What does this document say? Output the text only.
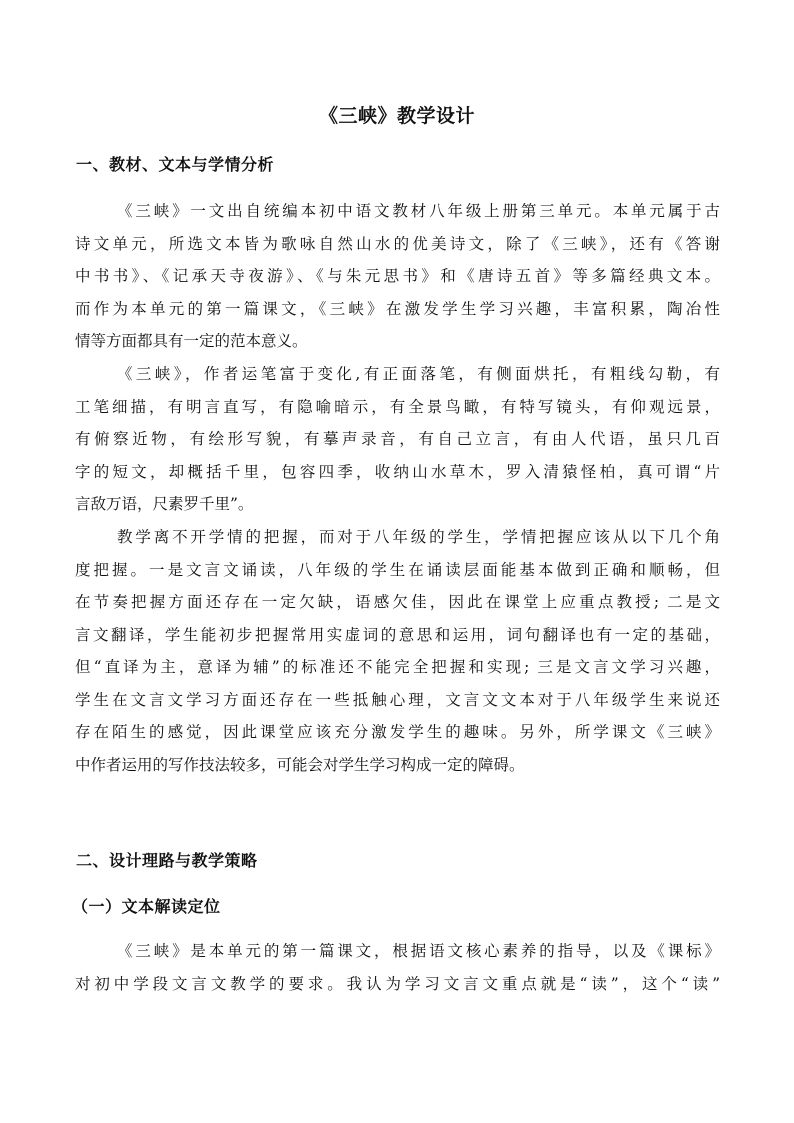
《三峡》教学设计
一、教材、文本与学情分析
《三峡》一文出自统编本初中语文教材八年级上册第三单元。本单元属于古
诗文单元，所选文本皆为歌咏自然山水的优美诗文，除了《三峡》，还有《答谢
中书书》、《记承天寺夜游》、《与朱元思书》和《唐诗五首》等多篇经典文本。
而作为本单元的第一篇课文，《三峡》在激发学生学习兴趣，丰富积累，陶冶性
情等方面都具有一定的范本意义。
《三峡》，作者运笔富于变化,有正面落笔，有侧面烘托，有粗线勾勒，有
工笔细描，有明言直写，有隐喻暗示，有全景鸟瞰，有特写镜头，有仰观远景，
有俯察近物，有绘形写貌，有摹声录音，有自己立言，有由人代语，虽只几百
字的短文，却概括千里，包容四季，收纳山水草木，罗入清猿怪柏，真可谓“片
言敌万语，尺素罗千里”。
教学离不开学情的把握，而对于八年级的学生，学情把握应该从以下几个角
度把握。一是文言文诵读，八年级的学生在诵读层面能基本做到正确和顺畅，但
在节奏把握方面还存在一定欠缺，语感欠佳，因此在课堂上应重点教授; 二是文
言文翻译，学生能初步把握常用实虚词的意思和运用，词句翻译也有一定的基础，
但“直译为主，意译为辅”的标准还不能完全把握和实现; 三是文言文学习兴趣，
学生在文言文学习方面还存在一些抵触心理，文言文文本对于八年级学生来说还
存在陌生的感觉，因此课堂应该充分激发学生的趣味。另外，所学课文《三峡》
中作者运用的写作技法较多，可能会对学生学习构成一定的障碍。
二、设计理路与教学策略
（一）文本解读定位
《三峡》是本单元的第一篇课文，根据语文核心素养的指导，以及《课标》
对初中学段文言文教学的要求。我认为学习文言文重点就是“读”，这个“读”
